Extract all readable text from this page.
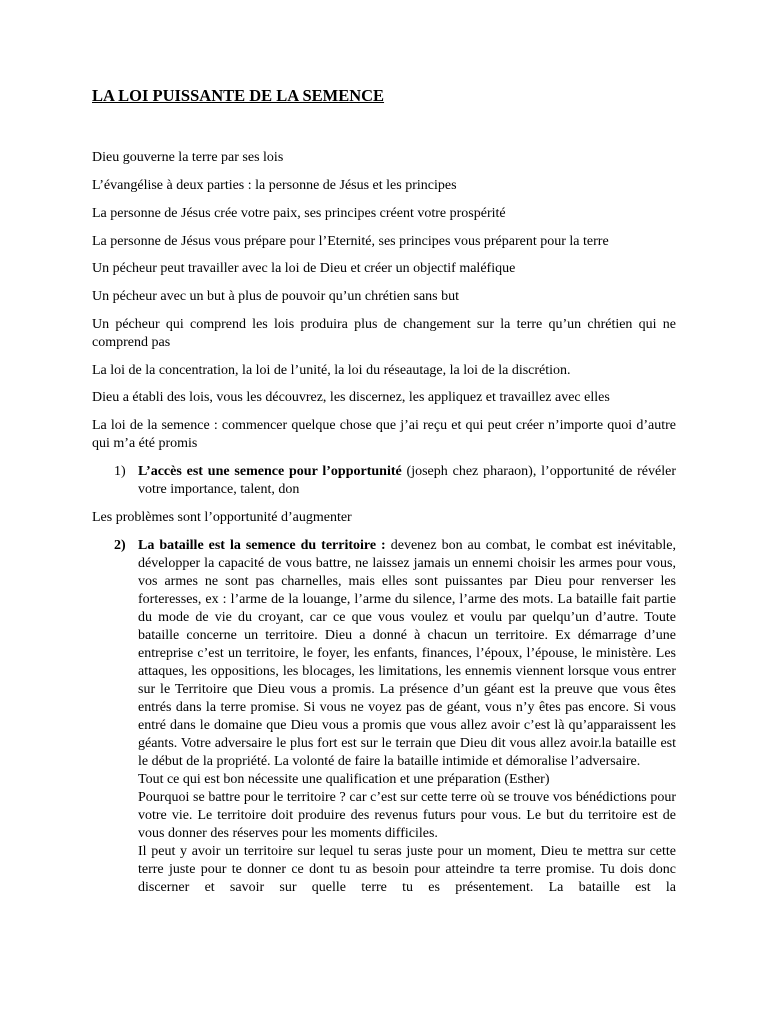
LA LOI PUISSANTE DE LA SEMENCE
Dieu gouverne la terre par ses lois
L’évangélise à deux parties : la personne de Jésus et les principes
La personne de Jésus crée votre paix, ses principes créent votre prospérité
La personne de Jésus vous prépare pour l’Eternité, ses principes vous préparent pour la terre
Un pécheur peut travailler avec la loi de Dieu et créer un objectif maléfique
Un pécheur avec un but à plus de pouvoir qu’un chrétien sans but
Un pécheur qui comprend les lois produira plus de changement sur la terre qu’un chrétien qui ne comprend pas
La loi de la concentration, la loi de l’unité, la loi du réseautage, la loi de la discrétion.
Dieu a établi des lois, vous les découvrez, les discernez, les appliquez et travaillez avec elles
La loi de la semence : commencer quelque chose que j’ai reçu et qui peut créer n’importe quoi d’autre qui m’a été promis
1) L’accès est une semence pour l’opportunité (joseph chez pharaon), l’opportunité de révéler votre importance, talent, don
Les problèmes sont l’opportunité d’augmenter
2) La bataille est la semence du territoire : devenez bon au combat, le combat est inévitable, développer la capacité de vous battre, ne laissez jamais un ennemi choisir les armes pour vous, vos armes ne sont pas charnelles, mais elles sont puissantes par Dieu pour renverser les forteresses, ex : l’arme de la louange, l’arme du silence, l’arme des mots. La bataille fait partie du mode de vie du croyant, car ce que vous voulez et voulu par quelqu’un d’autre. Toute bataille concerne un territoire. Dieu a donné à chacun un territoire. Ex démarrage d’une entreprise c’est un territoire, le foyer, les enfants, finances, l’époux, l’épouse, le ministère. Les attaques, les oppositions, les blocages, les limitations, les ennemis viennent lorsque vous entrer sur le Territoire que Dieu vous a promis. La présence d’un géant est la preuve que vous êtes entrés dans la terre promise. Si vous ne voyez pas de géant, vous n’y êtes pas encore. Si vous entré dans le domaine que Dieu vous a promis que vous allez avoir c’est là qu’apparaissent les géants. Votre adversaire le plus fort est sur le terrain que Dieu dit vous allez avoir.la bataille est le début de la propriété. La volonté de faire la bataille intimide et démoralise l’adversaire.

Tout ce qui est bon nécessite une qualification et une préparation (Esther)

Pourquoi se battre pour le territoire ? car c’est sur cette terre où se trouve vos bénédictions pour votre vie. Le territoire doit produire des revenus futurs pour vous. Le but du territoire est de vous donner des réserves pour les moments difficiles.

Il peut y avoir un territoire sur lequel tu seras juste pour un moment, Dieu te mettra sur cette terre juste pour te donner ce dont tu as besoin pour atteindre ta terre promise. Tu dois donc discerner et savoir sur quelle terre tu es présentement. La bataille est la
